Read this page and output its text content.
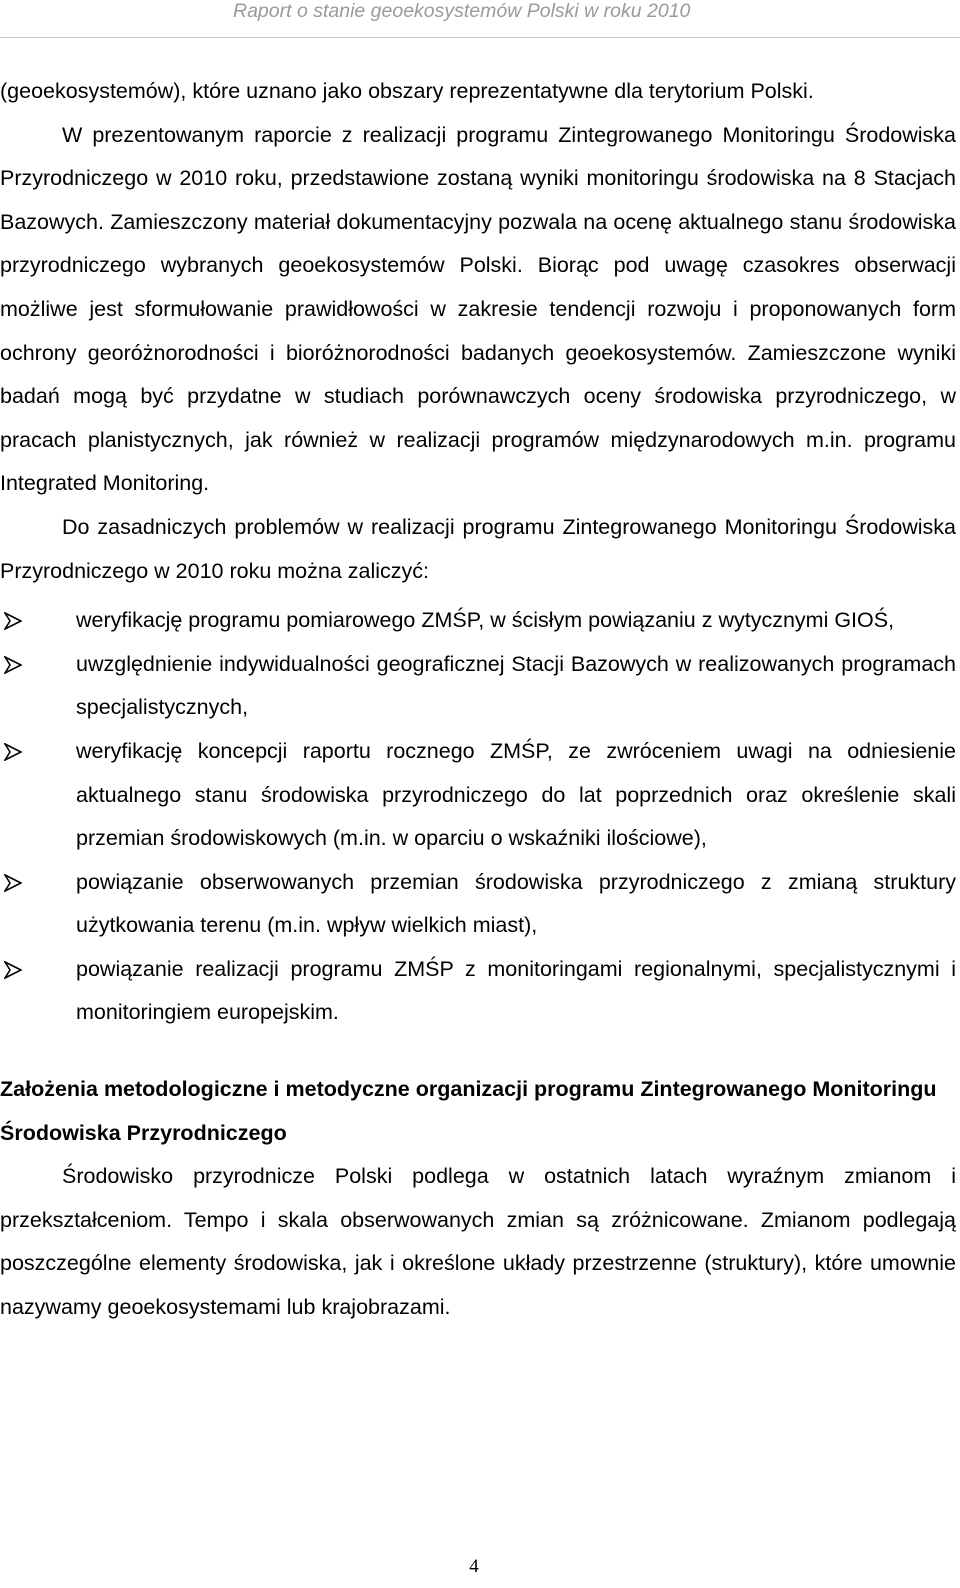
Raport o stanie geoekosystemów Polski w roku 2010

(geoekosystemów), które uznano jako obszary reprezentatywne dla terytorium Polski.

W prezentowanym raporcie z realizacji programu Zintegrowanego Monitoringu Środowiska Przyrodniczego w 2010 roku, przedstawione zostaną wyniki monitoringu środowiska na 8 Stacjach Bazowych. Zamieszczony materiał dokumentacyjny pozwala na ocenę aktualnego stanu środowiska przyrodniczego wybranych geoekosystemów Polski. Biorąc pod uwagę czasokres obserwacji możliwe jest sformułowanie prawidłowości w zakresie tendencji rozwoju i proponowanych form ochrony georóżnorodności i bioróżnorodności badanych geoekosystemów. Zamieszczone wyniki badań mogą być przydatne w studiach porównawczych oceny środowiska przyrodniczego, w pracach planistycznych, jak również w realizacji programów międzynarodowych m.in. programu Integrated Monitoring.

Do zasadniczych problemów w realizacji programu Zintegrowanego Monitoringu Środowiska Przyrodniczego w 2010 roku można zaliczyć:

weryfikację programu pomiarowego ZMŚP, w ścisłym powiązaniu z wytycznymi GIOŚ,
uwzględnienie indywidualności geograficznej Stacji Bazowych w realizowanych programach specjalistycznych,
weryfikację koncepcji raportu rocznego ZMŚP, ze zwróceniem uwagi na odniesienie aktualnego stanu środowiska przyrodniczego do lat poprzednich oraz określenie skali przemian środowiskowych (m.in. w oparciu o wskaźniki ilościowe),
powiązanie obserwowanych przemian środowiska przyrodniczego z zmianą struktury użytkowania terenu (m.in. wpływ wielkich miast),
powiązanie realizacji programu ZMŚP z monitoringami regionalnymi, specjalistycznymi i monitoringiem europejskim.
Założenia metodologiczne i metodyczne organizacji programu Zintegrowanego Monitoringu Środowiska Przyrodniczego

Środowisko przyrodnicze Polski podlega w ostatnich latach wyraźnym zmianom i przekształceniom. Tempo i skala obserwowanych zmian są zróżnicowane. Zmianom podlegają poszczególne elementy środowiska, jak i określone układy przestrzenne (struktury), które umownie nazywamy geoekosystemami lub krajobrazami.

4
